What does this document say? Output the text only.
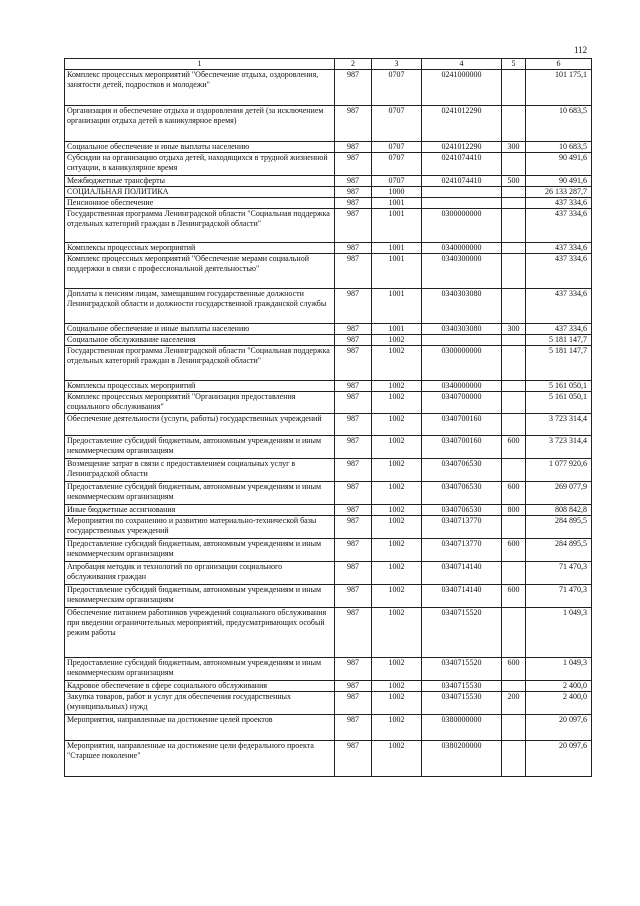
112
1	2	3	4	5	6
Комплекс процессных мероприятий "Обеспечение отдыха, оздоровления, занятости детей, подростков и молодежи"	987	0707	0241000000		101 175,1
Организация и обеспечение отдыха и оздоровления детей (за исключением организации отдыха детей в каникулярное время)	987	0707	0241012290		10 683,5
Социальное обеспечение и иные выплаты населению	987	0707	0241012290	300	10 683,5
Субсидии на организацию отдыха детей, находящихся в трудной жизненной ситуации, в каникулярное время	987	0707	0241074410		90 491,6
Межбюджетные трансферты	987	0707	0241074410	500	90 491,6
СОЦИАЛЬНАЯ ПОЛИТИКА	987	1000			26 133 287,7
Пенсионное обеспечение	987	1001			437 334,6
Государственная программа Ленинградской области "Социальная поддержка отдельных категорий граждан в Ленинградской области"	987	1001	0300000000		437 334,6
Комплексы процессных мероприятий	987	1001	0340000000		437 334,6
Комплекс процессных мероприятий "Обеспечение мерами социальной поддержки в связи с профессиональной деятельностью"	987	1001	0340300000		437 334,6
Доплаты к пенсиям лицам, замещавшим государственные должности Ленинградской области и должности государственной гражданской службы	987	1001	0340303080		437 334,6
Социальное обеспечение и иные выплаты населению	987	1001	0340303080	300	437 334,6
Социальное обслуживание населения	987	1002			5 181 147,7
Государственная программа Ленинградской области "Социальная поддержка отдельных категорий граждан в Ленинградской области"	987	1002	0300000000		5 181 147,7
Комплексы процессных мероприятий	987	1002	0340000000		5 161 050,1
Комплекс процессных мероприятий "Организация предоставления социального обслуживания"	987	1002	0340700000		5 161 050,1
Обеспечение деятельности (услуги, работы) государственных учреждений	987	1002	0340700160		3 723 314,4
Предоставление субсидий бюджетным, автономным учреждениям и иным некоммерческим организациям	987	1002	0340700160	600	3 723 314,4
Возмещение затрат в связи с предоставлением социальных услуг в Ленинградской области	987	1002	0340706530		1 077 920,6
Предоставление субсидий бюджетным, автономным учреждениям и иным некоммерческим организациям	987	1002	0340706530	600	269 077,9
Иные бюджетные ассигнования	987	1002	0340706530	800	808 842,8
Мероприятия по сохранению и развитию материально-технической базы государственных учреждений	987	1002	0340713770		284 895,5
Предоставление субсидий бюджетным, автономным учреждениям и иным некоммерческим организациям	987	1002	0340713770	600	284 895,5
Апробация методик и технологий по организации социального обслуживания граждан	987	1002	0340714140		71 470,3
Предоставление субсидий бюджетным, автономным учреждениям и иным некоммерческим организациям	987	1002	0340714140	600	71 470,3
Обеспечение питанием работников учреждений социального обслуживания при введении ограничительных мероприятий, предусматривающих особый режим работы	987	1002	0340715520		1 049,3
Предоставление субсидий бюджетным, автономным учреждениям и иным некоммерческим организациям	987	1002	0340715520	600	1 049,3
Кадровое обеспечение в сфере социального обслуживания	987	1002	0340715530		2 400,0
Закупка товаров, работ и услуг для обеспечения государственных (муниципальных) нужд	987	1002	0340715530	200	2 400,0
Мероприятия, направленные на достижение целей проектов	987	1002	0380000000		20 097,6
Мероприятия, направленные на достижение цели федерального проекта "Старшее поколение"	987	1002	0380200000		20 097,6
